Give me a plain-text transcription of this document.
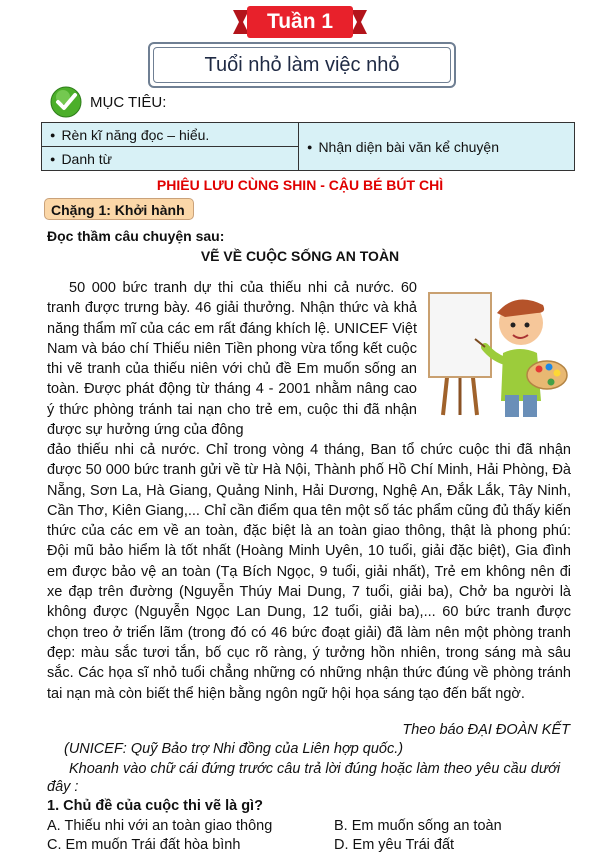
Tuần 1
Tuổi nhỏ làm việc nhỏ
MỤC TIÊU:
● Rèn kĩ năng đọc – hiểu.	● Nhận diện bài văn kể chuyện
● Danh từ
PHIÊU LƯU CÙNG SHIN - CẬU BÉ BÚT CHÌ
Chặng 1: Khởi hành
Đọc thầm câu chuyện sau:
VẼ VỀ CUỘC SỐNG AN TOÀN
50 000 bức tranh dự thi của thiếu nhi cả nước. 60 tranh được trưng bày. 46 giải thưởng. Nhận thức và khả năng thẩm mĩ của các em rất đáng khích lệ. UNICEF Việt Nam và báo chí Thiếu niên Tiền phong vừa tổng kết cuộc thi vẽ tranh của thiếu niên với chủ đề Em muốn sống an toàn. Được phát động từ tháng 4 - 2001 nhằm nâng cao ý thức phòng tránh tai nạn cho trẻ em, cuộc thi đã nhận được sự hưởng ứng của đông
đảo thiếu nhi cả nước. Chỉ trong vòng 4 tháng, Ban tổ chức cuộc thi đã nhận được 50 000 bức tranh gửi về từ Hà Nội, Thành phố Hồ Chí Minh, Hải Phòng, Đà Nẵng, Sơn La, Hà Giang, Quảng Ninh, Hải Dương, Nghệ An, Đắk Lắk, Tây Ninh, Cần Thơ, Kiên Giang,... Chỉ cần điểm qua tên một số tác phẩm cũng đủ thấy kiến thức của các em về an toàn, đặc biệt là an toàn giao thông, thật là phong phú: Đội mũ bảo hiểm là tốt nhất (Hoàng Minh Uyên, 10 tuổi, giải đặc biệt), Gia đình em được bảo vệ an toàn (Tạ Bích Ngọc, 9 tuổi, giải nhất), Trẻ em không nên đi xe đạp trên đường (Nguyễn Thúy Mai Dung, 7 tuổi, giải ba), Chở ba người là không được (Nguyễn Ngọc Lan Dung, 12 tuổi, giải ba),... 60 bức tranh được chọn treo ở triển lãm (trong đó có 46 bức đoạt giải) đã làm nên một phòng tranh đẹp: màu sắc tươi tắn, bố cục rõ ràng, ý tưởng hồn nhiên, trong sáng mà sâu sắc. Các họa sĩ nhỏ tuổi chẳng những có những nhận thức đúng về phòng tránh tai nạn mà còn biết thể hiện bằng ngôn ngữ hội họa sáng tạo đến bất ngờ.
Theo báo ĐẠI ĐOÀN KẾT
(UNICEF: Quỹ Bảo trợ Nhi đồng của Liên hợp quốc.)
Khoanh vào chữ cái đứng trước câu trả lời đúng hoặc làm theo yêu cầu dưới đây :
1. Chủ đề của cuộc thi vẽ là gì?
A. Thiếu nhi với an toàn giao thông	B. Em muốn sống an toàn
C. Em muốn Trái đất hòa bình	D. Em yêu Trái đất
